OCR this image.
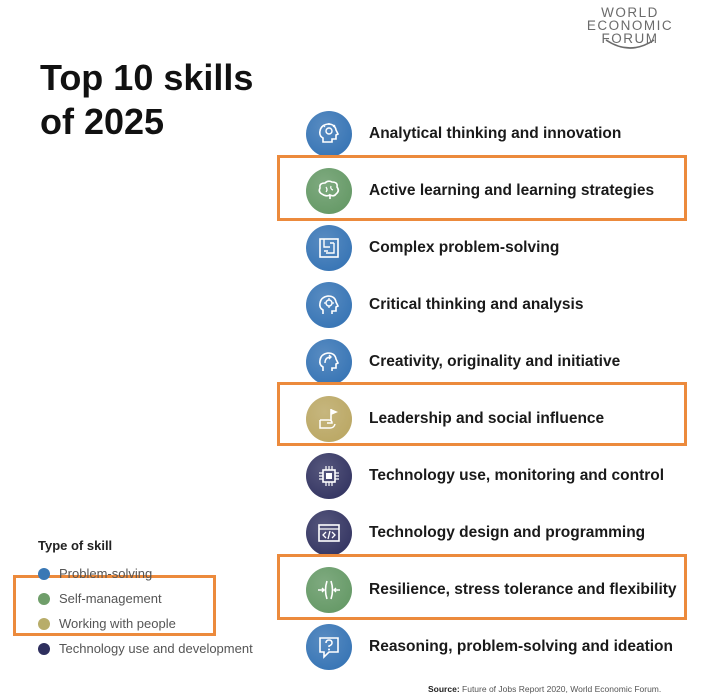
WORLD
ECONOMIC
FORUM
Top 10 skills
of 2025	Analytical thinking and innovation
Active learning and learning strategies
Complex problem-solving
Critical thinking and analysis
Creativity, originality and initiative
Leadership and social influence
Technology use, monitoring and control
Technology design and programming
Resilience, stress tolerance and flexibility
Reasoning, problem-solving and ideation
Type of skill
Problem-solving
Self-management
Working with people
Technology use and development
Source: Future of Jobs Report 2020, World Economic Forum.
